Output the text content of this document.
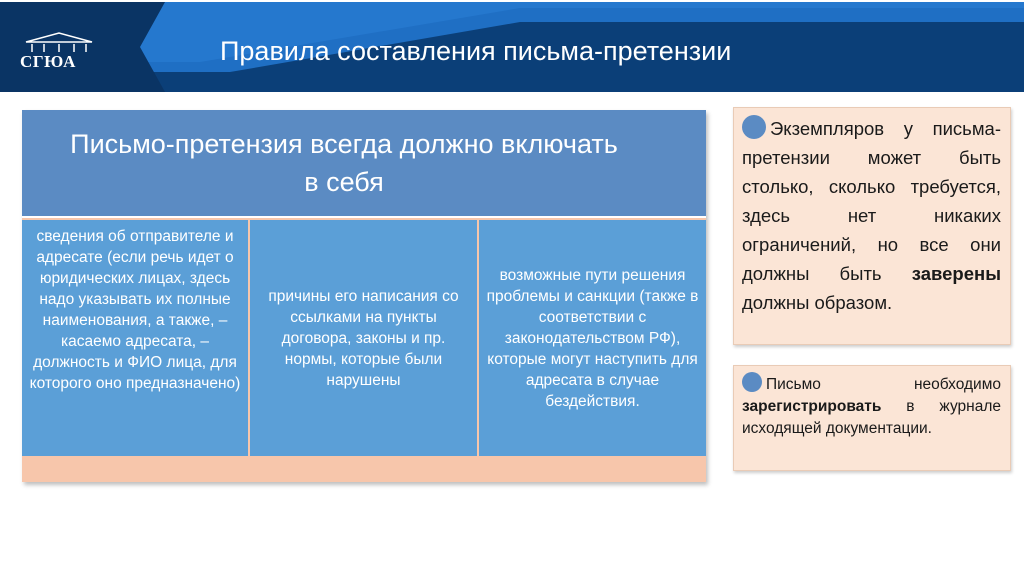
СГЮА	Правила составления письма-претензии
Письмо-претензия всегда должно включать в себя
сведения об отправителе и адресате (если речь идет о юридических лицах, здесь надо указывать их полные наименования, а также, – касаемо адресата, – должность и ФИО лица, для которого оно предназначено)
причины его написания со ссылками на пункты договора, законы и пр. нормы, которые были нарушены
возможные пути решения проблемы и санкции (также в соответствии с законодательством РФ), которые могут наступить для адресата в случае бездействия.
Экземпляров у письма-претензии может быть столько, сколько требуется, здесь нет никаких ограничений, но все они должны быть заверены должны образом.
Письмо необходимо зарегистрировать в журнале исходящей документации.
